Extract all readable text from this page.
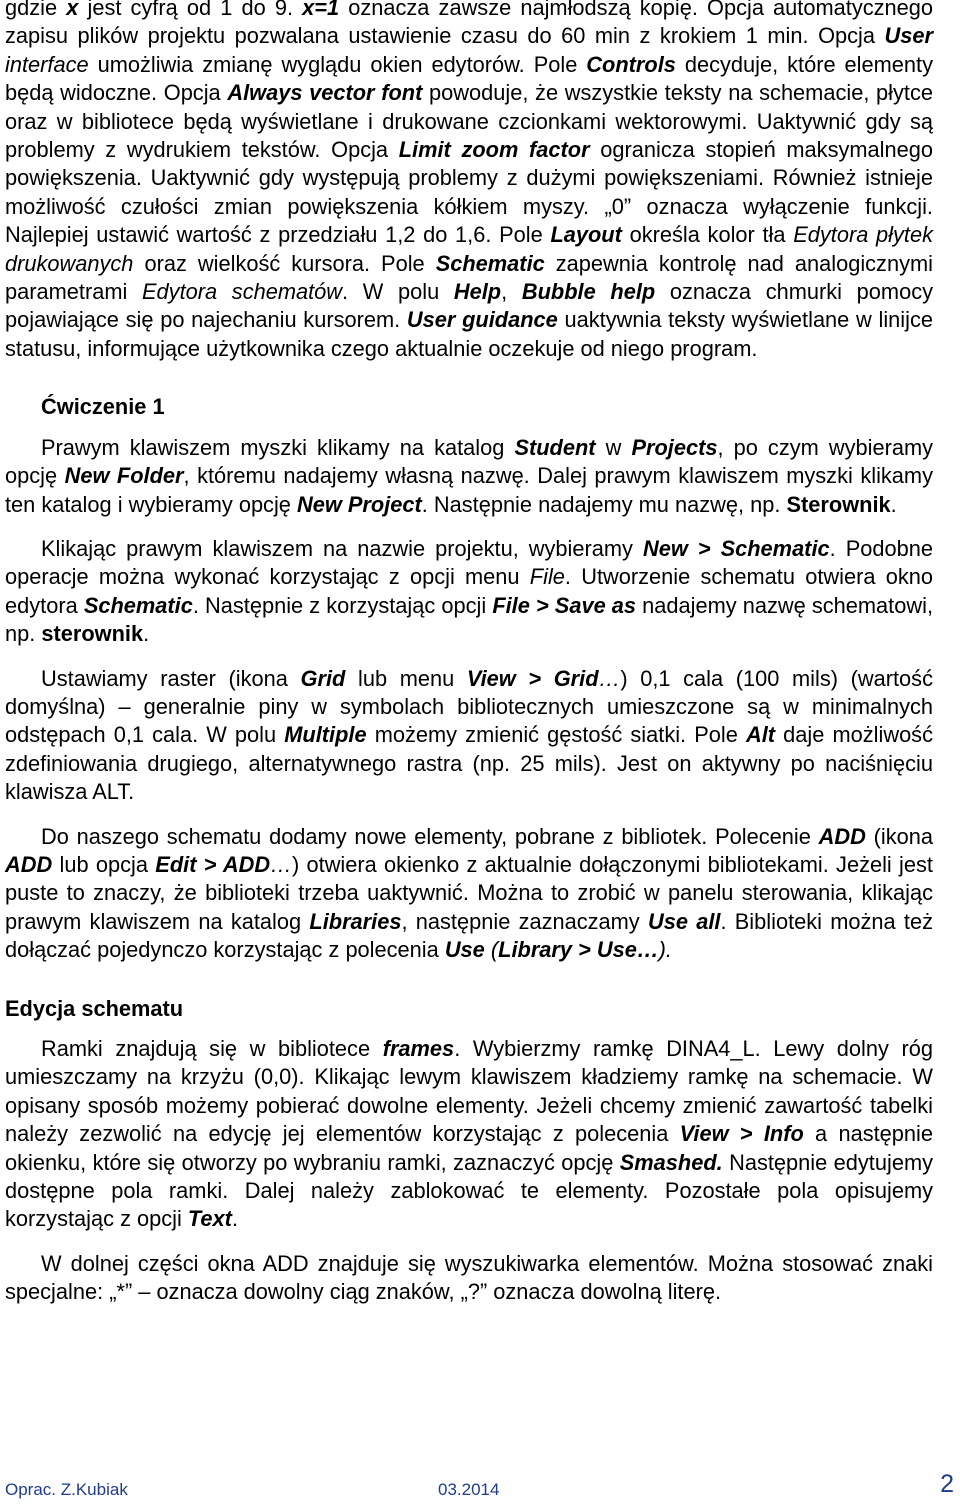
gdzie x jest cyfrą od 1 do 9. x=1 oznacza zawsze najmłodszą kopię. Opcja automatycznego zapisu plików projektu pozwalana ustawienie czasu do 60 min z krokiem 1 min. Opcja User interface umożliwia zmianę wyglądu okien edytorów. Pole Controls decyduje, które elementy będą widoczne. Opcja Always vector font powoduje, że wszystkie teksty na schemacie, płytce oraz w bibliotece będą wyświetlane i drukowane czcionkami wektorowymi. Uaktywnić gdy są problemy z wydrukiem tekstów. Opcja Limit zoom factor ogranicza stopień maksymalnego powiększenia. Uaktywnić gdy występują problemy z dużymi powiększeniami. Również istnieje możliwość czułości zmian powiększenia kółkiem myszy. „0” oznacza wyłączenie funkcji. Najlepiej ustawić wartość z przedziału 1,2 do 1,6. Pole Layout określa kolor tła Edytora płytek drukowanych oraz wielkość kursora. Pole Schematic zapewnia kontrolę nad analogicznymi parametrami Edytora schematów. W polu Help, Bubble help oznacza chmurki pomocy pojawiające się po najechaniu kursorem. User guidance uaktywnia teksty wyświetlane w linijce statusu, informujące użytkownika czego aktualnie oczekuje od niego program.

Ćwiczenie 1

Prawym klawiszem myszki klikamy na katalog Student w Projects, po czym wybieramy opcję New Folder, któremu nadajemy własną nazwę. Dalej prawym klawiszem myszki klikamy ten katalog i wybieramy opcję New Project. Następnie nadajemy mu nazwę, np. Sterownik.

Klikając prawym klawiszem na nazwie projektu, wybieramy New > Schematic. Podobne operacje można wykonać korzystając z opcji menu File. Utworzenie schematu otwiera okno edytora Schematic. Następnie z korzystając opcji File > Save as nadajemy nazwę schematowi, np. sterownik.

Ustawiamy raster (ikona Grid lub menu View > Grid…) 0,1 cala (100 mils) (wartość domyślna) – generalnie piny w symbolach bibliotecznych umieszczone są w minimalnych odstępach 0,1 cala. W polu Multiple możemy zmienić gęstość siatki. Pole Alt daje możliwość zdefiniowania drugiego, alternatywnego rastra (np. 25 mils). Jest on aktywny po naciśnięciu klawisza ALT.

Do naszego schematu dodamy nowe elementy, pobrane z bibliotek. Polecenie ADD (ikona ADD lub opcja Edit > ADD…) otwiera okienko z aktualnie dołączonymi bibliotekami. Jeżeli jest puste to znaczy, że biblioteki trzeba uaktywnić. Można to zrobić w panelu sterowania, klikając prawym klawiszem na katalog Libraries, następnie zaznaczamy Use all. Biblioteki można też dołączać pojedynczo korzystając z polecenia Use (Library > Use…).

Edycja schematu

Ramki znajdują się w bibliotece frames. Wybierzmy ramkę DINA4_L. Lewy dolny róg umieszczamy na krzyżu (0,0). Klikając lewym klawiszem kładziemy ramkę na schemacie. W opisany sposób możemy pobierać dowolne elementy. Jeżeli chcemy zmienić zawartość tabelki należy zezwolić na edycję jej elementów korzystając z polecenia View > Info a następnie okienku, które się otworzy po wybraniu ramki, zaznaczyć opcję Smashed. Następnie edytujemy dostępne pola ramki. Dalej należy zablokować te elementy. Pozostałe pola opisujemy korzystając z opcji Text.

W dolnej części okna ADD znajduje się wyszukiwarka elementów. Można stosować znaki specjalne: „*” – oznacza dowolny ciąg znaków, „?” oznacza dowolną literę.

Oprac. Z.Kubiak	03.2014	2
